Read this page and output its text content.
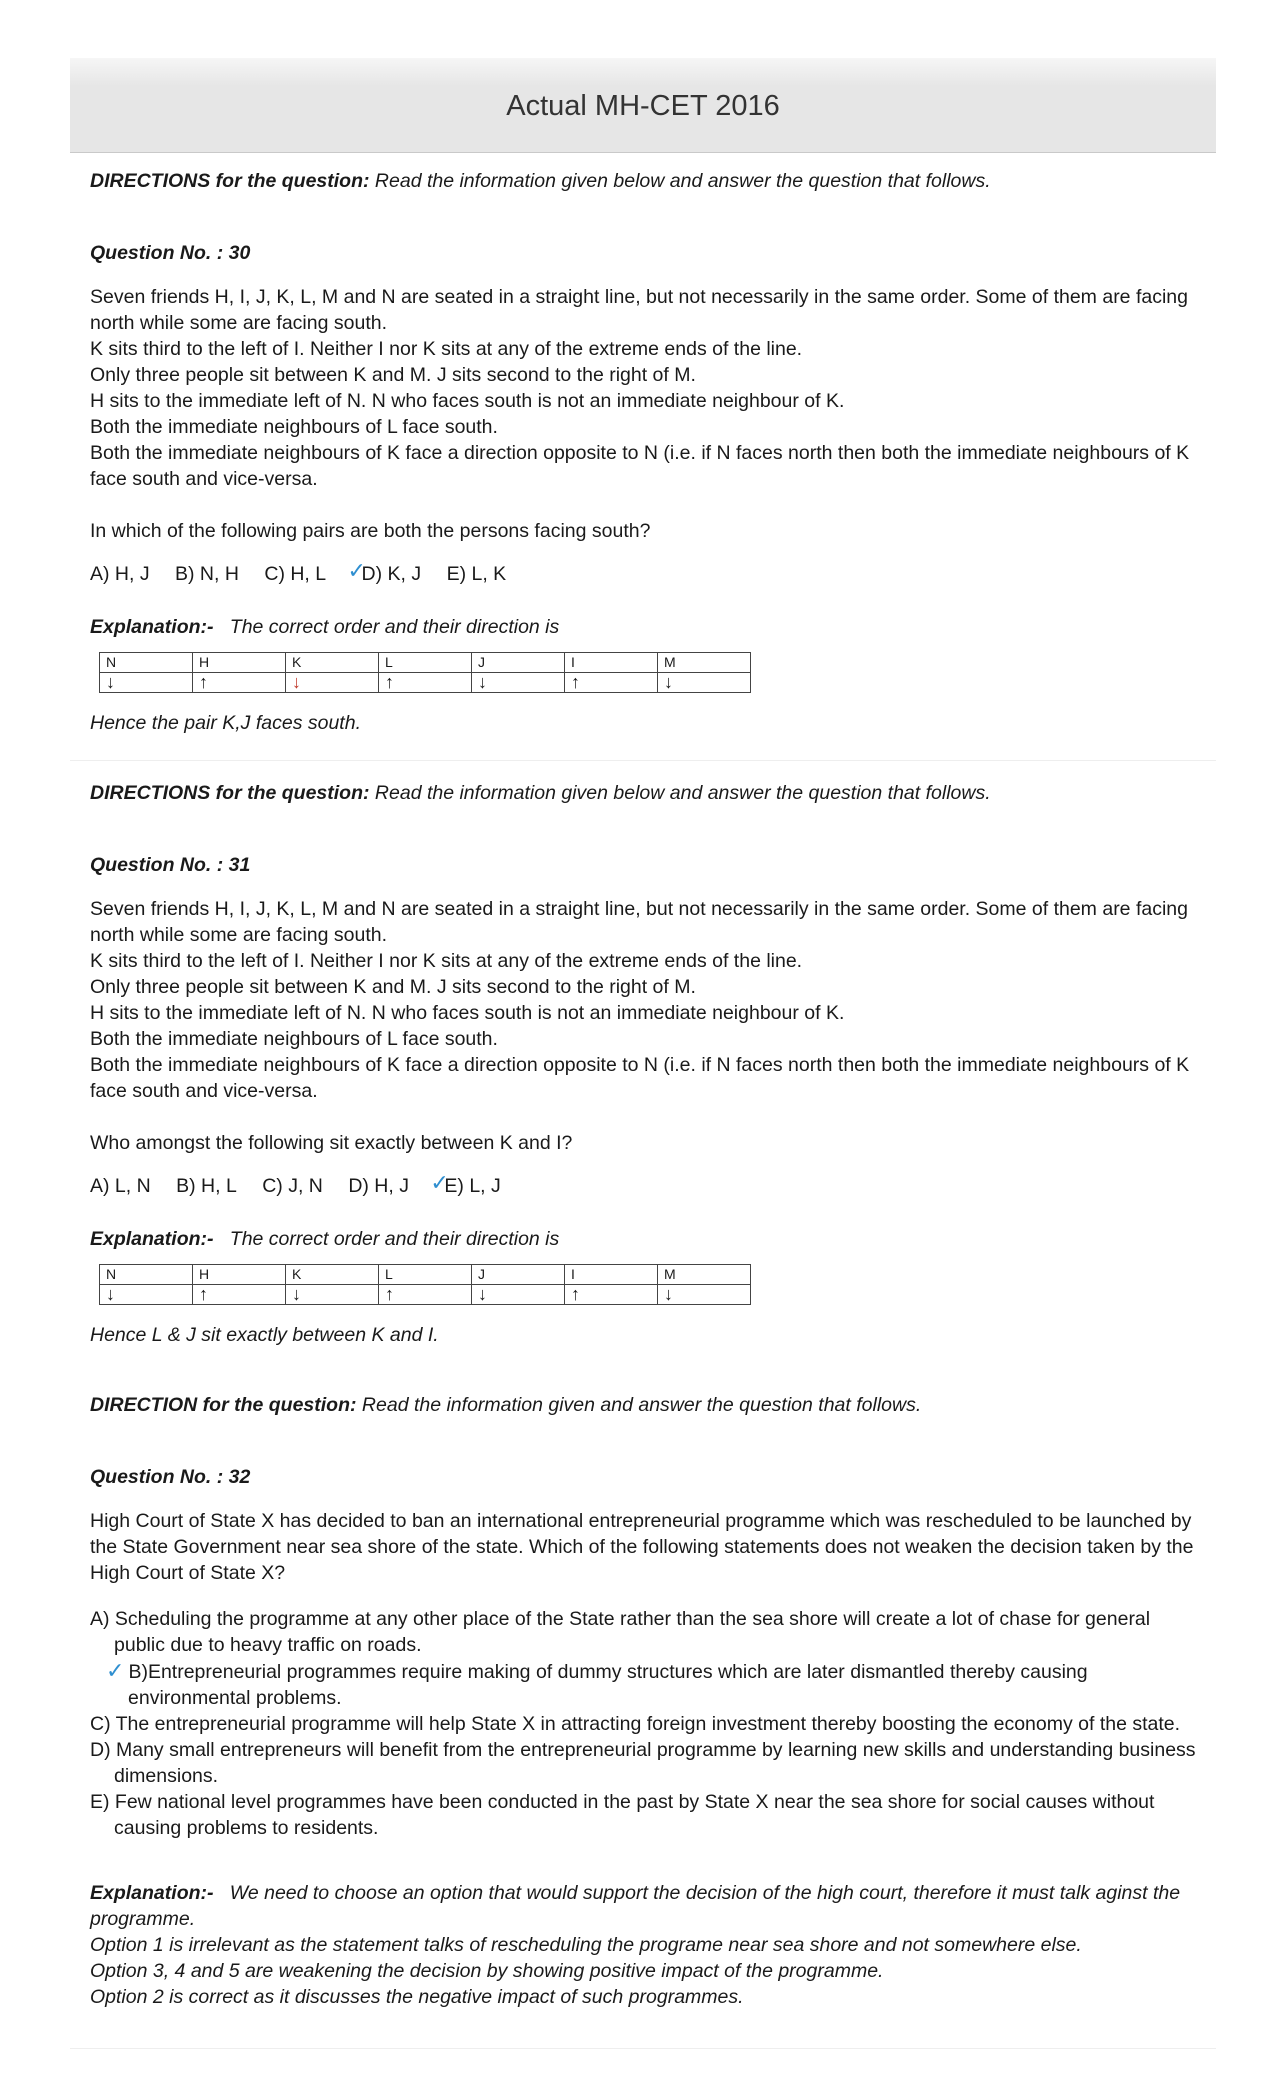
Actual MH-CET 2016

DIRECTIONS for the question: Read the information given below and answer the question that follows.

Question No. : 30

Seven friends H, I, J, K, L, M and N are seated in a straight line, but not necessarily in the same order. Some of them are facing north while some are facing south.

K sits third to the left of I. Neither I nor K sits at any of the extreme ends of the line.

Only three people sit between K and M. J sits second to the right of M.

H sits to the immediate left of N. N who faces south is not an immediate neighbour of K.

Both the immediate neighbours of L face south.

Both the immediate neighbours of K face a direction opposite to N (i.e. if N faces north then both the immediate neighbours of K face south and vice-versa.

In which of the following pairs are both the persons facing south?

A) H, J B) N, H C) H, L ✓
D) K, J E) L, K

Explanation:- The correct order and their direction is

N	H	K	L	J	I	M
↓	↑	↓	↑	↓	↑	↓

Hence the pair K,J faces south.

DIRECTIONS for the question: Read the information given below and answer the question that follows.

Question No. : 31

Seven friends H, I, J, K, L, M and N are seated in a straight line, but not necessarily in the same order. Some of them are facing north while some are facing south.

K sits third to the left of I. Neither I nor K sits at any of the extreme ends of the line.

Only three people sit between K and M. J sits second to the right of M.

H sits to the immediate left of N. N who faces south is not an immediate neighbour of K.

Both the immediate neighbours of L face south.

Both the immediate neighbours of K face a direction opposite to N (i.e. if N faces north then both the immediate neighbours of K face south and vice-versa.

Who amongst the following sit exactly between K and I?

A) L, N B) H, L C) J, N D) H, J ✓
E) L, J

Explanation:- The correct order and their direction is

N	H	K	L	J	I	M
↓	↑	↓	↑	↓	↑	↓

Hence L & J sit exactly between K and I.

DIRECTION for the question: Read the information given and answer the question that follows.

Question No. : 32

High Court of State X has decided to ban an international entrepreneurial programme which was rescheduled to be launched by the State Government near sea shore of the state. Which of the following statements does not weaken the decision taken by the High Court of State X?

A) Scheduling the programme at any other place of the State rather than the sea shore will create a lot of chase for general public due to heavy traffic on roads.

✓ B)Entrepreneurial programmes require making of dummy structures which are later dismantled thereby causing environmental problems.

C) The entrepreneurial programme will help State X in attracting foreign investment thereby boosting the economy of the state.

D) Many small entrepreneurs will benefit from the entrepreneurial programme by learning new skills and understanding business dimensions.

E) Few national level programmes have been conducted in the past by State X near the sea shore for social causes without causing problems to residents.

Explanation:- We need to choose an option that would support the decision of the high court, therefore it must talk aginst the programme.

Option 1 is irrelevant as the statement talks of rescheduling the programe near sea shore and not somewhere else.

Option 3, 4 and 5 are weakening the decision by showing positive impact of the programme.

Option 2 is correct as it discusses the negative impact of such programmes.
